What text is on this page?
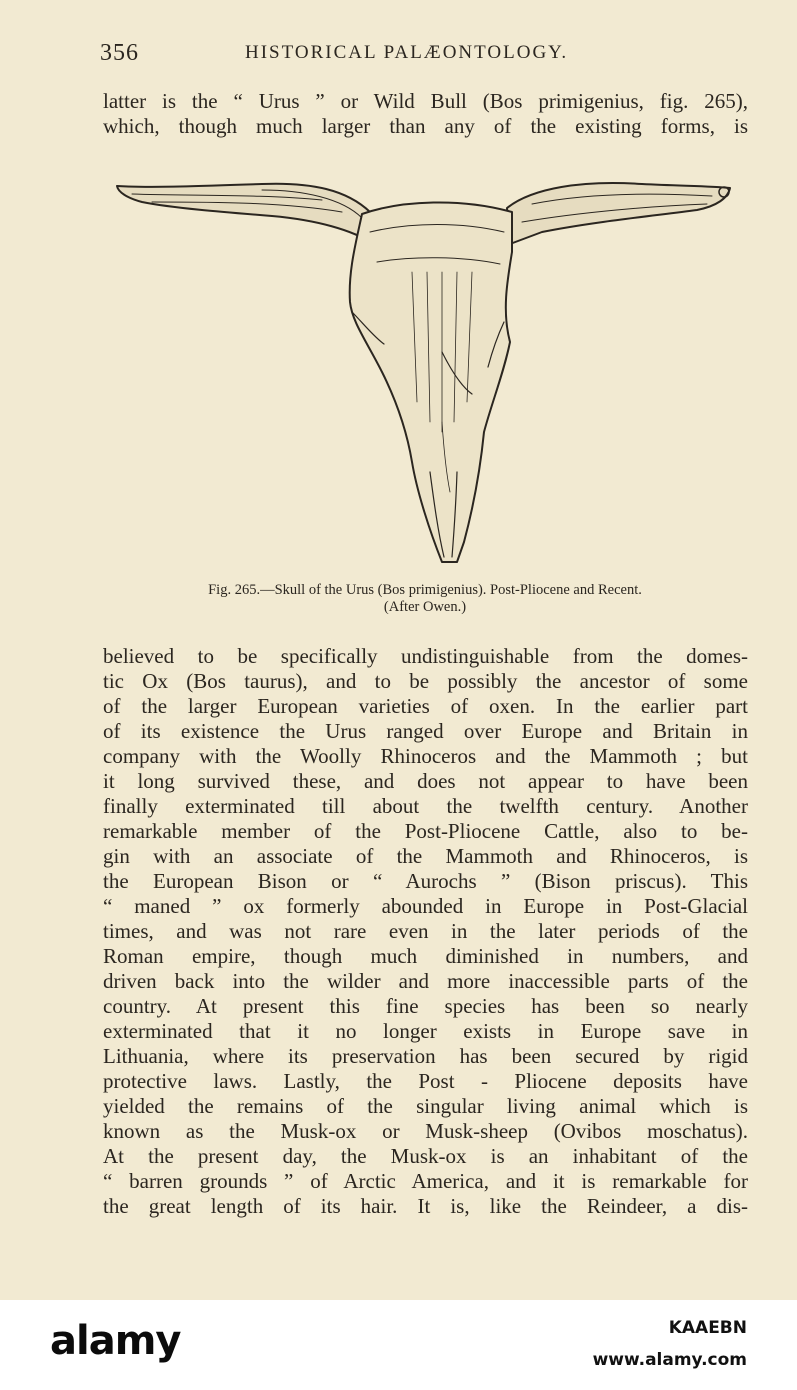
356	HISTORICAL PALÆONTOLOGY.
latter is the “ Urus ” or Wild Bull (Bos primigenius, fig. 265),
which, though much larger than any of the existing forms, is
Fig. 265.—Skull of the Urus (Bos primigenius). Post-Pliocene and Recent.
(After Owen.)
believed to be specifically undistinguishable from the domes-
tic Ox (Bos taurus), and to be possibly the ancestor of some
of the larger European varieties of oxen. In the earlier part
of its existence the Urus ranged over Europe and Britain in
company with the Woolly Rhinoceros and the Mammoth ; but
it long survived these, and does not appear to have been
finally exterminated till about the twelfth century. Another
remarkable member of the Post-Pliocene Cattle, also to be-
gin with an associate of the Mammoth and Rhinoceros, is
the European Bison or “ Aurochs ” (Bison priscus). This
“ maned ” ox formerly abounded in Europe in Post-Glacial
times, and was not rare even in the later periods of the
Roman empire, though much diminished in numbers, and
driven back into the wilder and more inaccessible parts of the
country. At present this fine species has been so nearly
exterminated that it no longer exists in Europe save in
Lithuania, where its preservation has been secured by rigid
protective laws. Lastly, the Post - Pliocene deposits have
yielded the remains of the singular living animal which is
known as the Musk-ox or Musk-sheep (Ovibos moschatus).
At the present day, the Musk-ox is an inhabitant of the
“ barren grounds ” of Arctic America, and it is remarkable for
the great length of its hair. It is, like the Reindeer, a dis-
alamy	KAAEBN
www.alamy.com
